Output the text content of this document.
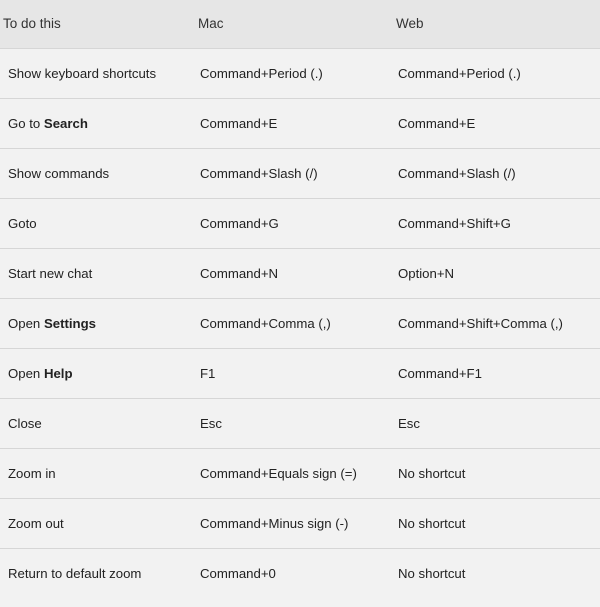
To do this	Mac	Web
Show keyboard shortcuts	Command+Period (.)	Command+Period (.)
Go to Search	Command+E	Command+E
Show commands	Command+Slash (/)	Command+Slash (/)
Goto	Command+G	Command+Shift+G
Start new chat	Command+N	Option+N
Open Settings	Command+Comma (,)	Command+Shift+Comma (,)
Open Help	F1	Command+F1
Close	Esc	Esc
Zoom in	Command+Equals sign (=)	No shortcut
Zoom out	Command+Minus sign (-)	No shortcut
Return to default zoom	Command+0	No shortcut
